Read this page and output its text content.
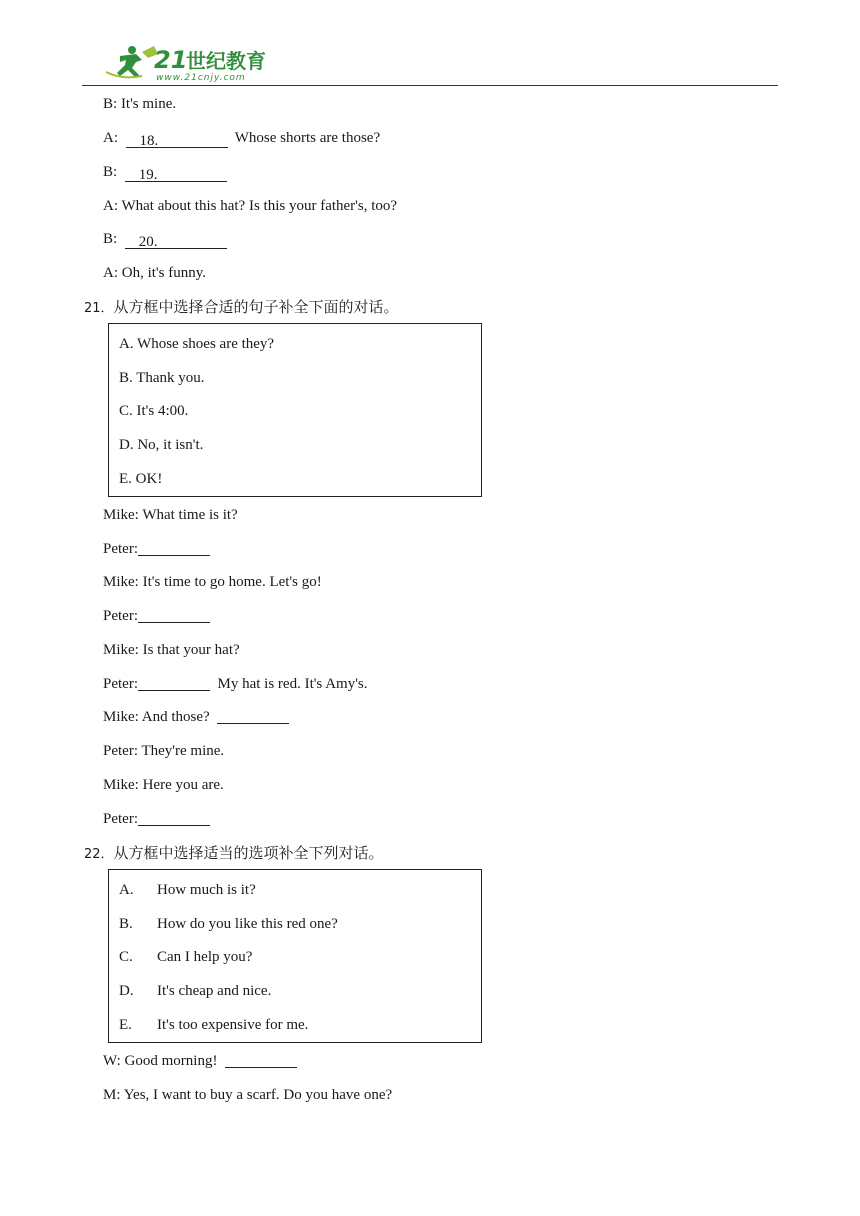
21
世纪教育
www.21cnjy.com
B: It's mine.
A: 18.	Whose shorts are those?
B: 19.
A: What about this hat? Is this your father's, too?
B: 20.
A: Oh, it's funny.
21．从方框中选择合适的句子补全下面的对话。
A. Whose shoes are they?
B. Thank you.
C. It's 4:00.
D. No, it isn't.
E. OK!
Mike: What time is it?
Peter:
Mike: It's time to go home. Let's go!
Peter:
Mike: Is that your hat?
Peter:	My hat is red. It's Amy's.
Mike: And those?
Peter: They're mine.
Mike: Here you are.
Peter:
22．从方框中选择适当的选项补全下列对话。
A. How much is it?
B. How do you like this red one?
C. Can I help you?
D. It's cheap and nice.
E. It's too expensive for me.
W: Good morning!
M: Yes, I want to buy a scarf. Do you have one?
